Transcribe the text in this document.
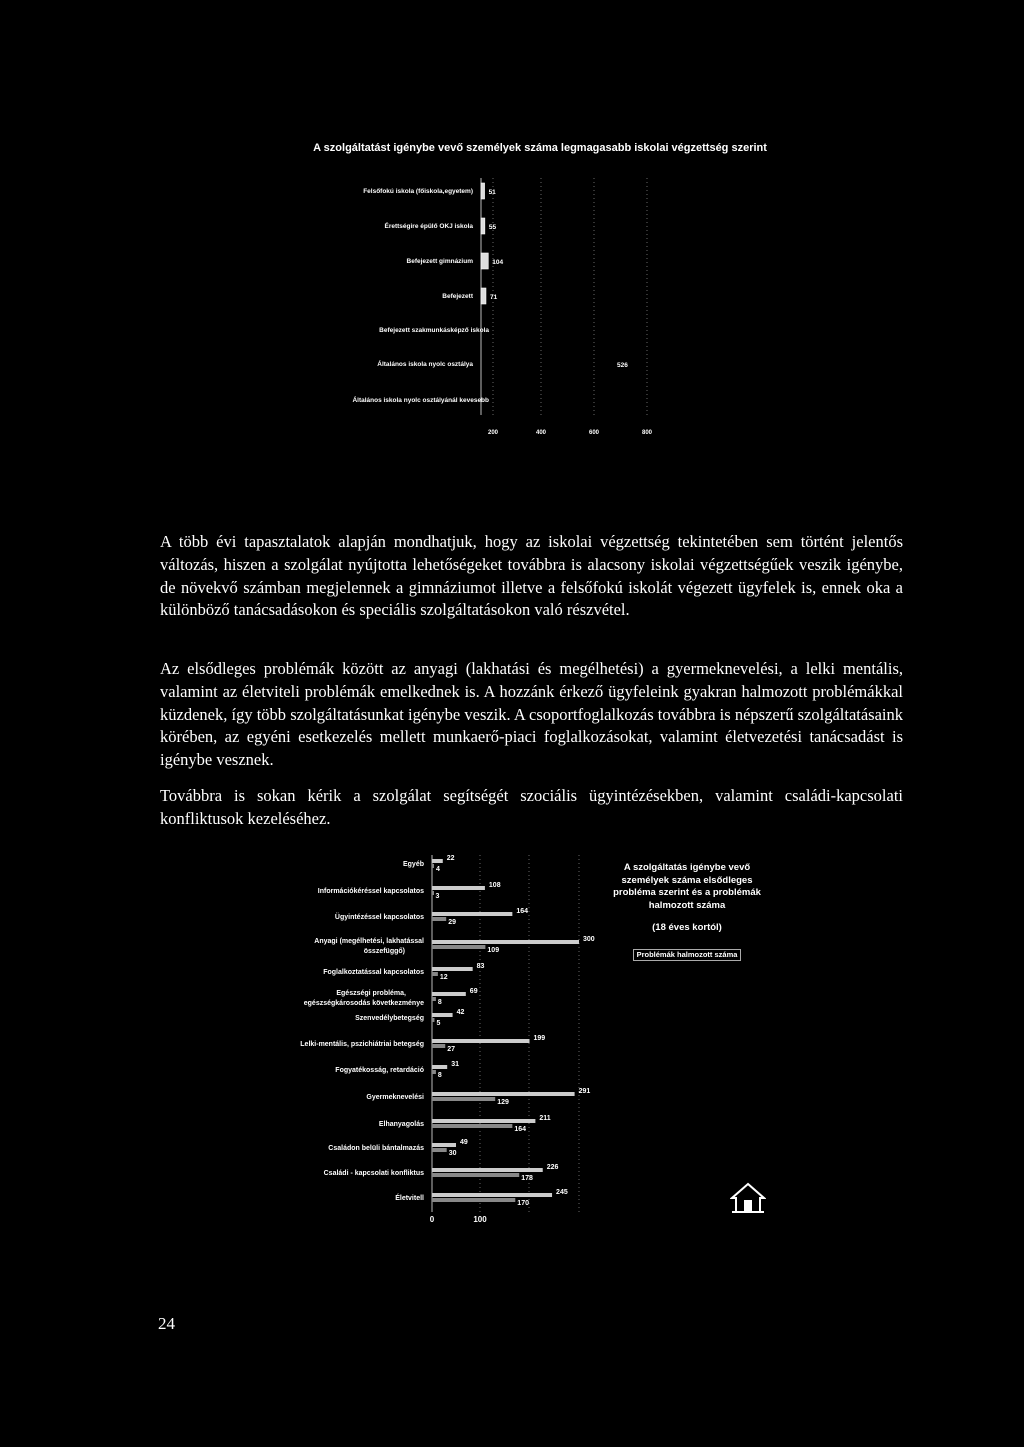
A szolgáltatást igénybe vevő személyek száma legmagasabb iskolai végzettség szerint
200	400	600	800
Felsőfokú iskola (főiskola,egyetem) 51
Érettségire épülő OKJ iskola 55
Befejezett gimnázium	104
Befejezett	71
Befejezett szakmunkásképző iskola
Általános iskola nyolc osztálya	526
Általános iskola nyolc osztályánál kevesebb

A több évi tapasztalatok alapján mondhatjuk, hogy az iskolai végzettség tekintetében sem történt jelentős változás, hiszen a szolgálat nyújtotta lehetőségeket továbbra is alacsony iskolai végzettségűek veszik igénybe, de növekvő számban megjelennek a gimnáziumot illetve a felsőfokú iskolát végezett ügyfelek is, ennek oka a különböző tanácsadásokon és speciális szolgáltatásokon való részvétel.

Az elsődleges problémák között az anyagi (lakhatási és megélhetési) a gyermeknevelési, a lelki mentális, valamint az életviteli problémák emelkednek is. A hozzánk érkező ügyfeleink gyakran halmozott problémákkal küzdenek, így több szolgáltatásunkat igénybe veszik. A csoportfoglalkozás továbbra is népszerű szolgáltatásaink körében, az egyéni esetkezelés mellett munkaerő-piaci foglalkozásokat, valamint életvezetési tanácsadást is igénybe vesznek.

Továbbra is sokan kérik a szolgálat segítségét szociális ügyintézésekben, valamint családi-kapcsolati konfliktusok kezeléséhez.

0	100
Egyéb
22
4
Információkéréssel kapcsolatos
108
3
Ügyintézéssel kapcsolatos
164
29
Anyagi (megélhetési, lakhatással összefüggő)
300
109
Foglalkoztatással kapcsolatos
83
12
Egészségi probléma, egészségkárosodás következménye
69
8
Szenvedélybetegség
42
5
Lelki-mentális, pszichiátriai betegség
199
27
Fogyatékosság, retardáció
31
8
Gyermeknevelési
291
129
Elhanyagolás
211
164
Családon belüli bántalmazás
49
30
Családi - kapcsolati konfliktus
226
178
Életvitell
245
170
A szolgáltatás igénybe vevő személyek száma elsődleges probléma szerint és a problémák halmozott száma
(18 éves kortól)
Problémák halmozott száma
24
